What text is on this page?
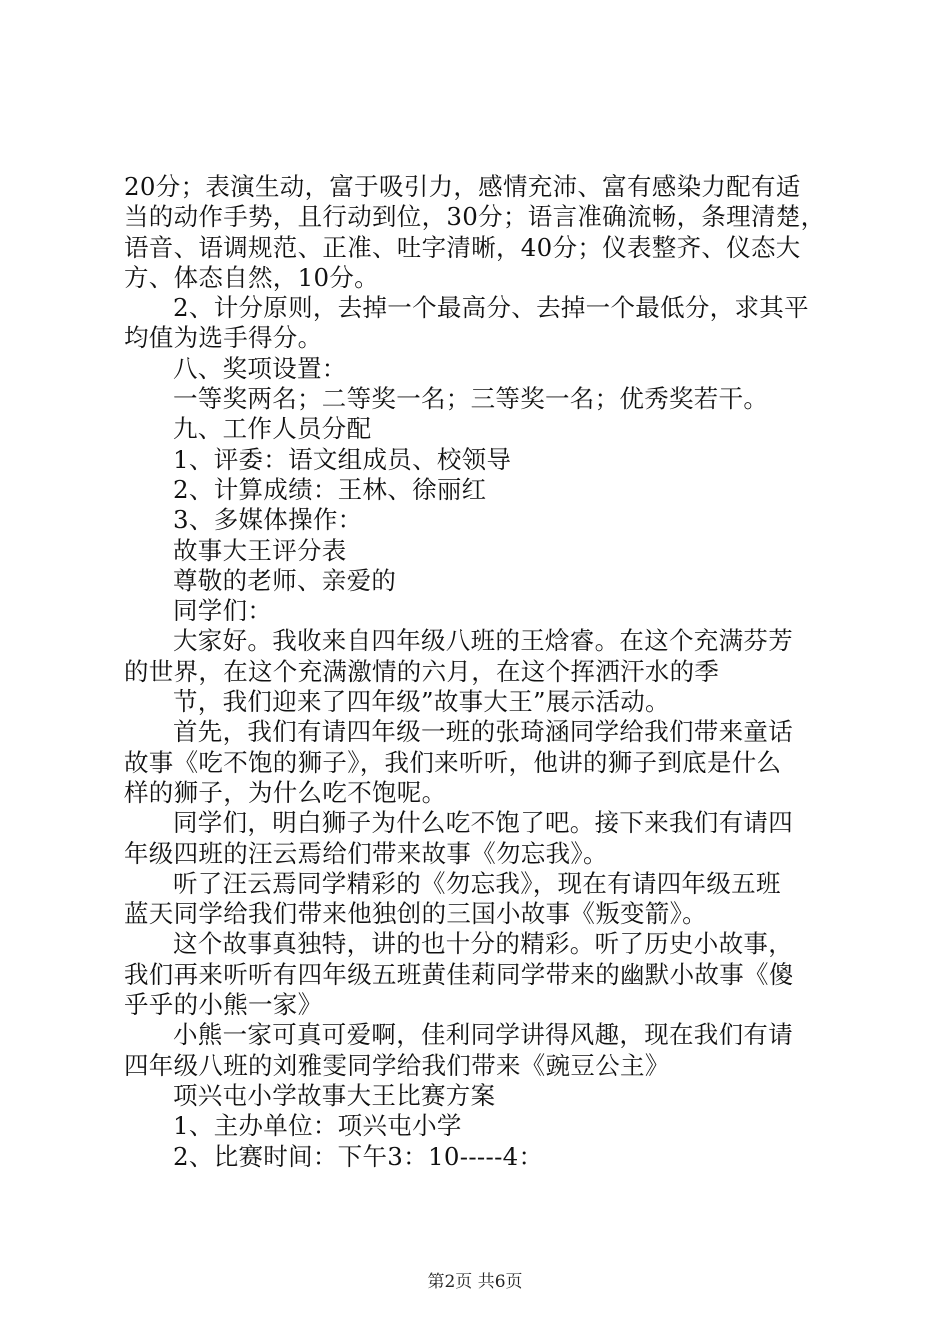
20分；表演生动，富于吸引力，感情充沛、富有感染力配有适
当的动作手势，且行动到位，30分；语言准确流畅，条理清楚，
语音、语调规范、正准、吐字清晰，40分；仪表整齐、仪态大
方、体态自然，10分。
2、计分原则，去掉一个最高分、去掉一个最低分，求其平
均值为选手得分。
八、奖项设置：
一等奖两名；二等奖一名；三等奖一名；优秀奖若干。
九、工作人员分配
1、评委：语文组成员、校领导
2、计算成绩：王林、徐丽红
3、多媒体操作：
故事大王评分表
尊敬的老师、亲爱的
同学们：
大家好。我收来自四年级八班的王焓睿。在这个充满芬芳
的世界，在这个充满激情的六月，在这个挥洒汗水的季
节，我们迎来了四年级”故事大王”展示活动。
首先，我们有请四年级一班的张琦涵同学给我们带来童话
故事《吃不饱的狮子》，我们来听听，他讲的狮子到底是什么
样的狮子，为什么吃不饱呢。
同学们，明白狮子为什么吃不饱了吧。接下来我们有请四
年级四班的汪云焉给们带来故事《勿忘我》。
听了汪云焉同学精彩的《勿忘我》，现在有请四年级五班
蓝天同学给我们带来他独创的三国小故事《叛变箭》。
这个故事真独特，讲的也十分的精彩。听了历史小故事，
我们再来听听有四年级五班黄佳莉同学带来的幽默小故事《傻
乎乎的小熊一家》
小熊一家可真可爱啊，佳利同学讲得风趣，现在我们有请
四年级八班的刘雅雯同学给我们带来《豌豆公主》
项兴屯小学故事大王比赛方案
1、主办单位：项兴屯小学
2、比赛时间：下午3：10-----4：
第2页 共6页
